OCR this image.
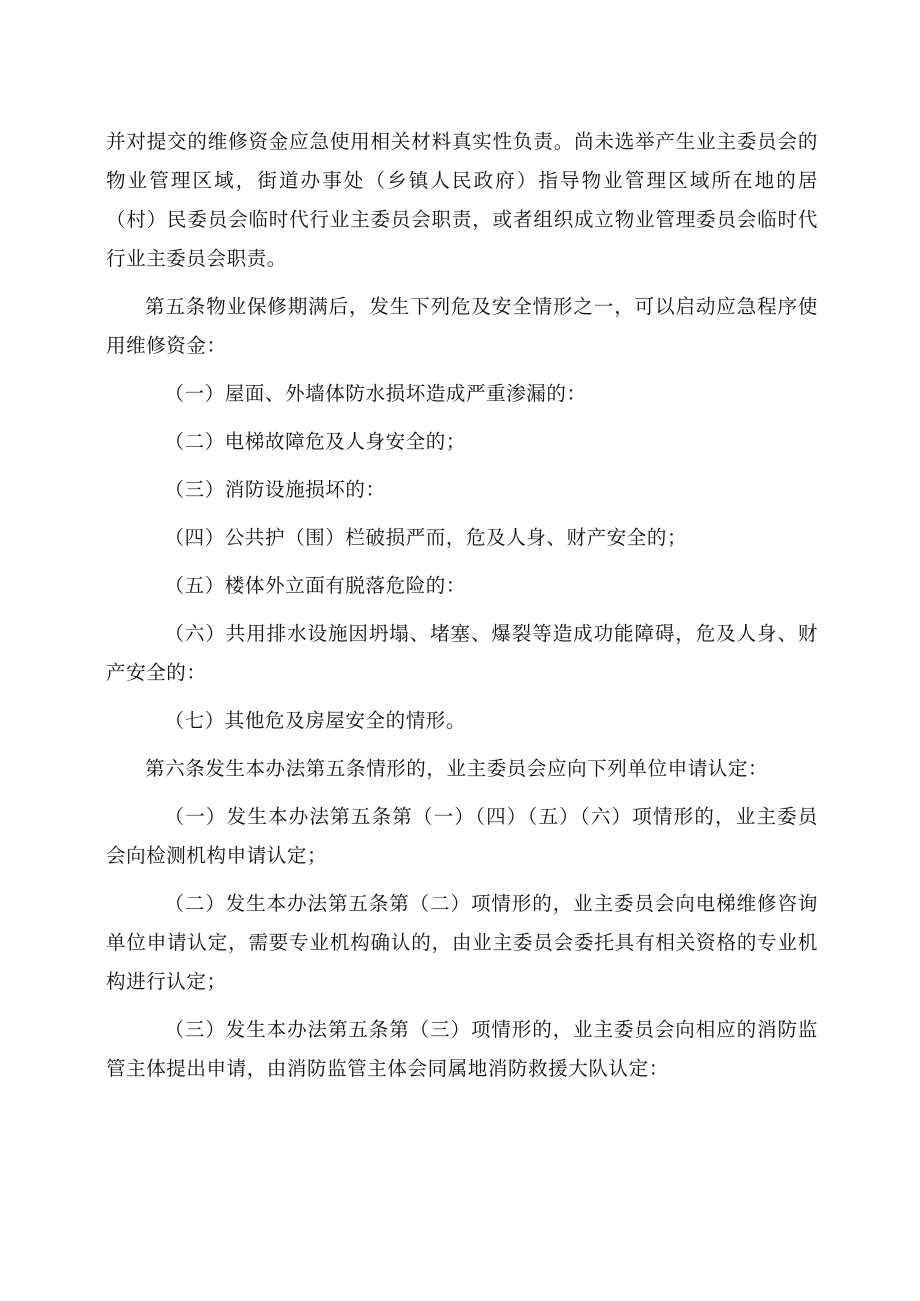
并对提交的维修资金应急使用相关材料真实性负责。尚未选举产生业主委员会的物业管理区域，街道办事处（乡镇人民政府）指导物业管理区域所在地的居（村）民委员会临时代行业主委员会职责，或者组织成立物业管理委员会临时代行业主委员会职责。

第五条物业保修期满后，发生下列危及安全情形之一，可以启动应急程序使用维修资金：

（一）屋面、外墙体防水损坏造成严重渗漏的：

（二）电梯故障危及人身安全的；

（三）消防设施损坏的：

（四）公共护（围）栏破损严而，危及人身、财产安全的；

（五）楼体外立面有脱落危险的：

（六）共用排水设施因坍塌、堵塞、爆裂等造成功能障碍，危及人身、财产安全的：

（七）其他危及房屋安全的情形。

第六条发生本办法第五条情形的，业主委员会应向下列单位申请认定：

（一）发生本办法第五条第（一）（四）（五）（六）项情形的，业主委员会向检测机构申请认定；

（二）发生本办法第五条第（二）项情形的，业主委员会向电梯维修咨询单位申请认定，需要专业机构确认的，由业主委员会委托具有相关资格的专业机构进行认定；

（三）发生本办法第五条第（三）项情形的，业主委员会向相应的消防监管主体提出申请，由消防监管主体会同属地消防救援大队认定：
